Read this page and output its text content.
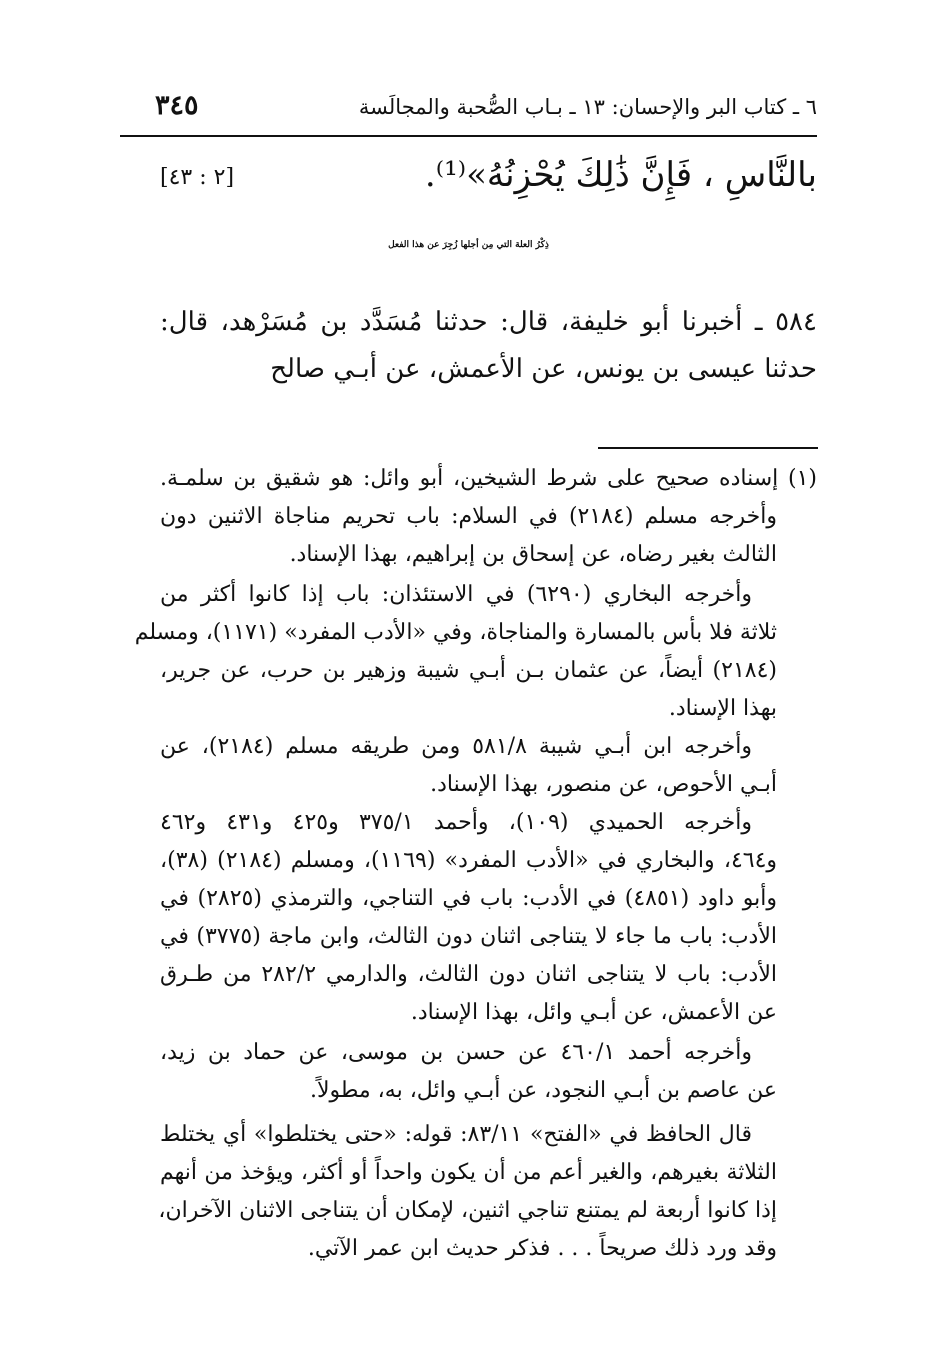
٦ ـ كتاب البر والإحسان: ١٣ ـ بـاب الصُّحبة والمجالَسة
٣٤٥
بالنَّاسِ ، فَإِنَّ ذَٰلِكَ يُحْزِنُهُ»⁽¹⁾.
[٢ : ٤٣]
ذِكْرُ العلة التي مِن أجلها زُجِرَ عن هذا الفعل
٥٨٤ ـ أخبرنا أبو خليفة، قال: حدثنا مُسَدَّد بن مُسَرْهد، قال:
حدثنا عيسى بن يونس، عن الأعمش، عن أبـي صالح
(١) إسناده صحيح على شرط الشيخين، أبو وائل: هو شقيق بن سلمـة.
وأخرجه مسلم (٢١٨٤) في السلام: باب تحريم مناجاة الاثنين دون
الثالث بغير رضاه، عن إسحاق بن إبراهيم، بهذا الإسناد.
وأخرجه البخاري (٦٢٩٠) في الاستئذان: باب إذا كانوا أكثر من
ثلاثة فلا بأس بالمسارة والمناجاة، وفي «الأدب المفرد» (١١٧١)، ومسلم
(٢١٨٤) أيضاً، عن عثمان بـن أبـي شيبة وزهير بن حرب، عن جرير،
بهذا الإسناد.
وأخرجه ابن أبـي شيبة ٥٨١/٨ ومن طريقه مسلم (٢١٨٤)، عن
أبـي الأحوص، عن منصور، بهذا الإسناد.
وأخرجه الحميدي (١٠٩)، وأحمد ٣٧٥/١ و٤٢٥ و٤٣١ و٤٦٢
و٤٦٤، والبخاري في «الأدب المفرد» (١١٦٩)، ومسلم (٢١٨٤) (٣٨)،
وأبو داود (٤٨٥١) في الأدب: باب في التناجي، والترمذي (٢٨٢٥) في
الأدب: باب ما جاء لا يتناجى اثنان دون الثالث، وابن ماجة (٣٧٧٥) في
الأدب: باب لا يتناجى اثنان دون الثالث، والدارمي ٢٨٢/٢ من طـرق
عن الأعمش، عن أبـي وائل، بهذا الإسناد.
وأخرجه أحمد ٤٦٠/١ عن حسن بن موسى، عن حماد بن زيد،
عن عاصم بن أبـي النجود، عن أبـي وائل، به، مطولاً.
قال الحافظ في «الفتح» ٨٣/١١: قوله: «حتى يختلطوا» أي يختلط
الثلاثة بغيرهم، والغير أعم من أن يكون واحداً أو أكثر، ويؤخذ من أنهم
إذا كانوا أربعة لم يمتنع تناجي اثنين، لإمكان أن يتناجى الاثنان الآخران،
وقد ورد ذلك صريحاً . . . فذكر حديث ابن عمر الآتي.
